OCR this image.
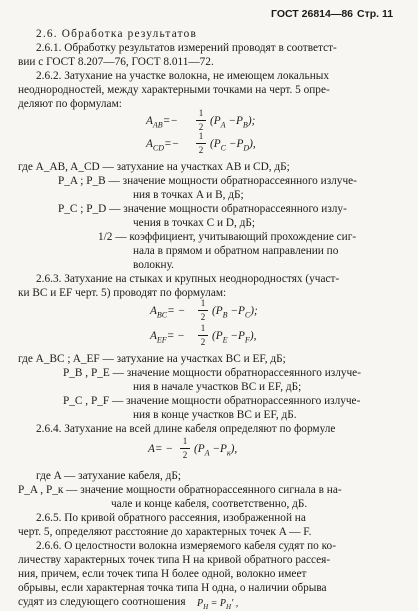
ГОСТ 26814—86 Стр. 11
2.6. Обработка результатов
2.6.1. Обработку результатов измерений проводят в соответст-
вии с ГОСТ 8.207—76, ГОСТ 8.011—72.
2.6.2. Затухание на участке волокна, не имеющем локальных
неоднородностей, между характерными точками на черт. 5 опре-
деляют по формулам:
$A_{AB}=-$
1
2 $(P_A -P_B)$;
$A_{CD}=-$
1
2 $(P_C -P_D)$,
где A_AB, A_CD — затухание на участках AB и CD, дБ;
P_A ; P_B — значение мощности обратнорассеянного излуче-
ния в точках A и B, дБ;
P_C ; P_D — значение мощности обратнорассеянного излу-
чения в точках C и D, дБ;
1/2 — коэффициент, учитывающий прохождение сиг-
нала в прямом и обратном направлении по
волокну.
2.6.3. Затухание на стыках и крупных неоднородностях (участ-
ки BC и EF черт. 5) проводят по формулам:
$A_{BC}=$ −
1
2 $(P_B -P_C)$;
$A_{EF}=$ −
1
2 $(P_E -P_F)$,
где A_BC ; A_EF — затухание на участках BC и EF, дБ;
P_B , P_E — значение мощности обратнорассеянного излуче-
ния в начале участков BC и EF, дБ;
P_C , P_F — значение мощности обратнорассеянного излуче-
ния в конце участков BC и EF, дБ.
2.6.4. Затухание на всей длине кабеля определяют по формуле
A= −
1
2 $(P_A -P_к)$,
где A — затухание кабеля, дБ;
P_A , P_к — значение мощности обратнорассеянного сигнала в на-
чале и конце кабеля, соответственно, дБ.
2.6.5. По кривой обратного рассеяния, изображенной на
черт. 5, определяют расстояние до характерных точек A — F.
2.6.6. О целостности волокна измеряемого кабеля судят по ко-
личеству характерных точек типа H на кривой обратного рассея-
ния, причем, если точек типа H более одной, волокно имеет
обрывы, если характерная точка типа H одна, о наличии обрыва
судят из следующего соотношения $P_H = P_H'$ ,
